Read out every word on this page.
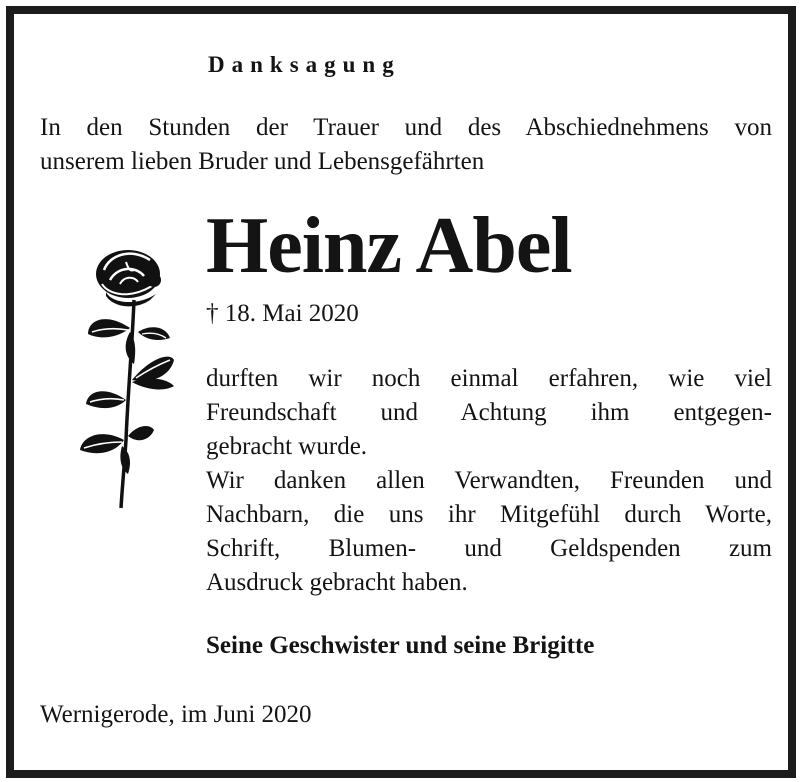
Danksagung

In den Stunden der Trauer und des Abschiednehmens von
unserem lieben Bruder und Lebensgefährten

Heinz Abel

† 18. Mai 2020

durften wir noch einmal erfahren, wie viel
Freundschaft und Achtung ihm entgegen-
gebracht wurde.
Wir danken allen Verwandten, Freunden und
Nachbarn, die uns ihr Mitgefühl durch Worte,
Schrift, Blumen- und Geldspenden zum
Ausdruck gebracht haben.

Seine Geschwister und seine Brigitte

Wernigerode, im Juni 2020
